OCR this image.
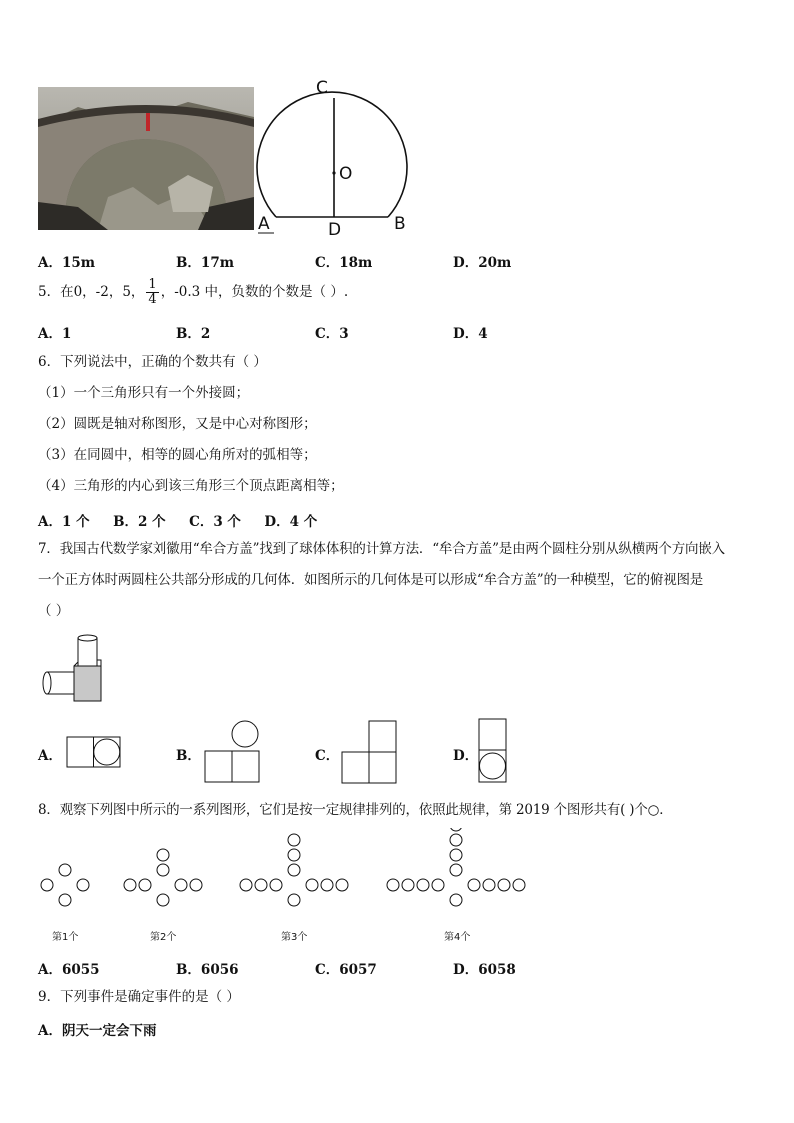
C
O
A	D	B
A．15m	B．17m	C．18m	D．20m
5．在0，-2，5， $\frac{1}{4}$ ，-0.3 中，负数的个数是（ ）.
A．1	B．2	C．3	D．4
6．下列说法中，正确的个数共有（ ）
（1）一个三角形只有一个外接圆；
（2）圆既是轴对称图形，又是中心对称图形；
（3）在同圆中，相等的圆心角所对的弧相等；
（4）三角形的内心到该三角形三个顶点距离相等；
A．1 个     B．2 个     C．3 个     D．4 个
7．我国古代数学家刘徽用“牟合方盖”找到了球体体积的计算方法．“牟合方盖”是由两个圆柱分别从纵横两个方向嵌入
一个正方体时两圆柱公共部分形成的几何体．如图所示的几何体是可以形成“牟合方盖”的一种模型，它的俯视图是
（ ）
A．	B．	C．	D．
8．观察下列图中所示的一系列图形，它们是按一定规律排列的，依照此规律，第 2019 个图形共有( )个○．
第1个	第2个	第3个	第4个
A．6055	B．6056	C．6057	D．6058
9．下列事件是确定事件的是（ ）
A．阴天一定会下雨
